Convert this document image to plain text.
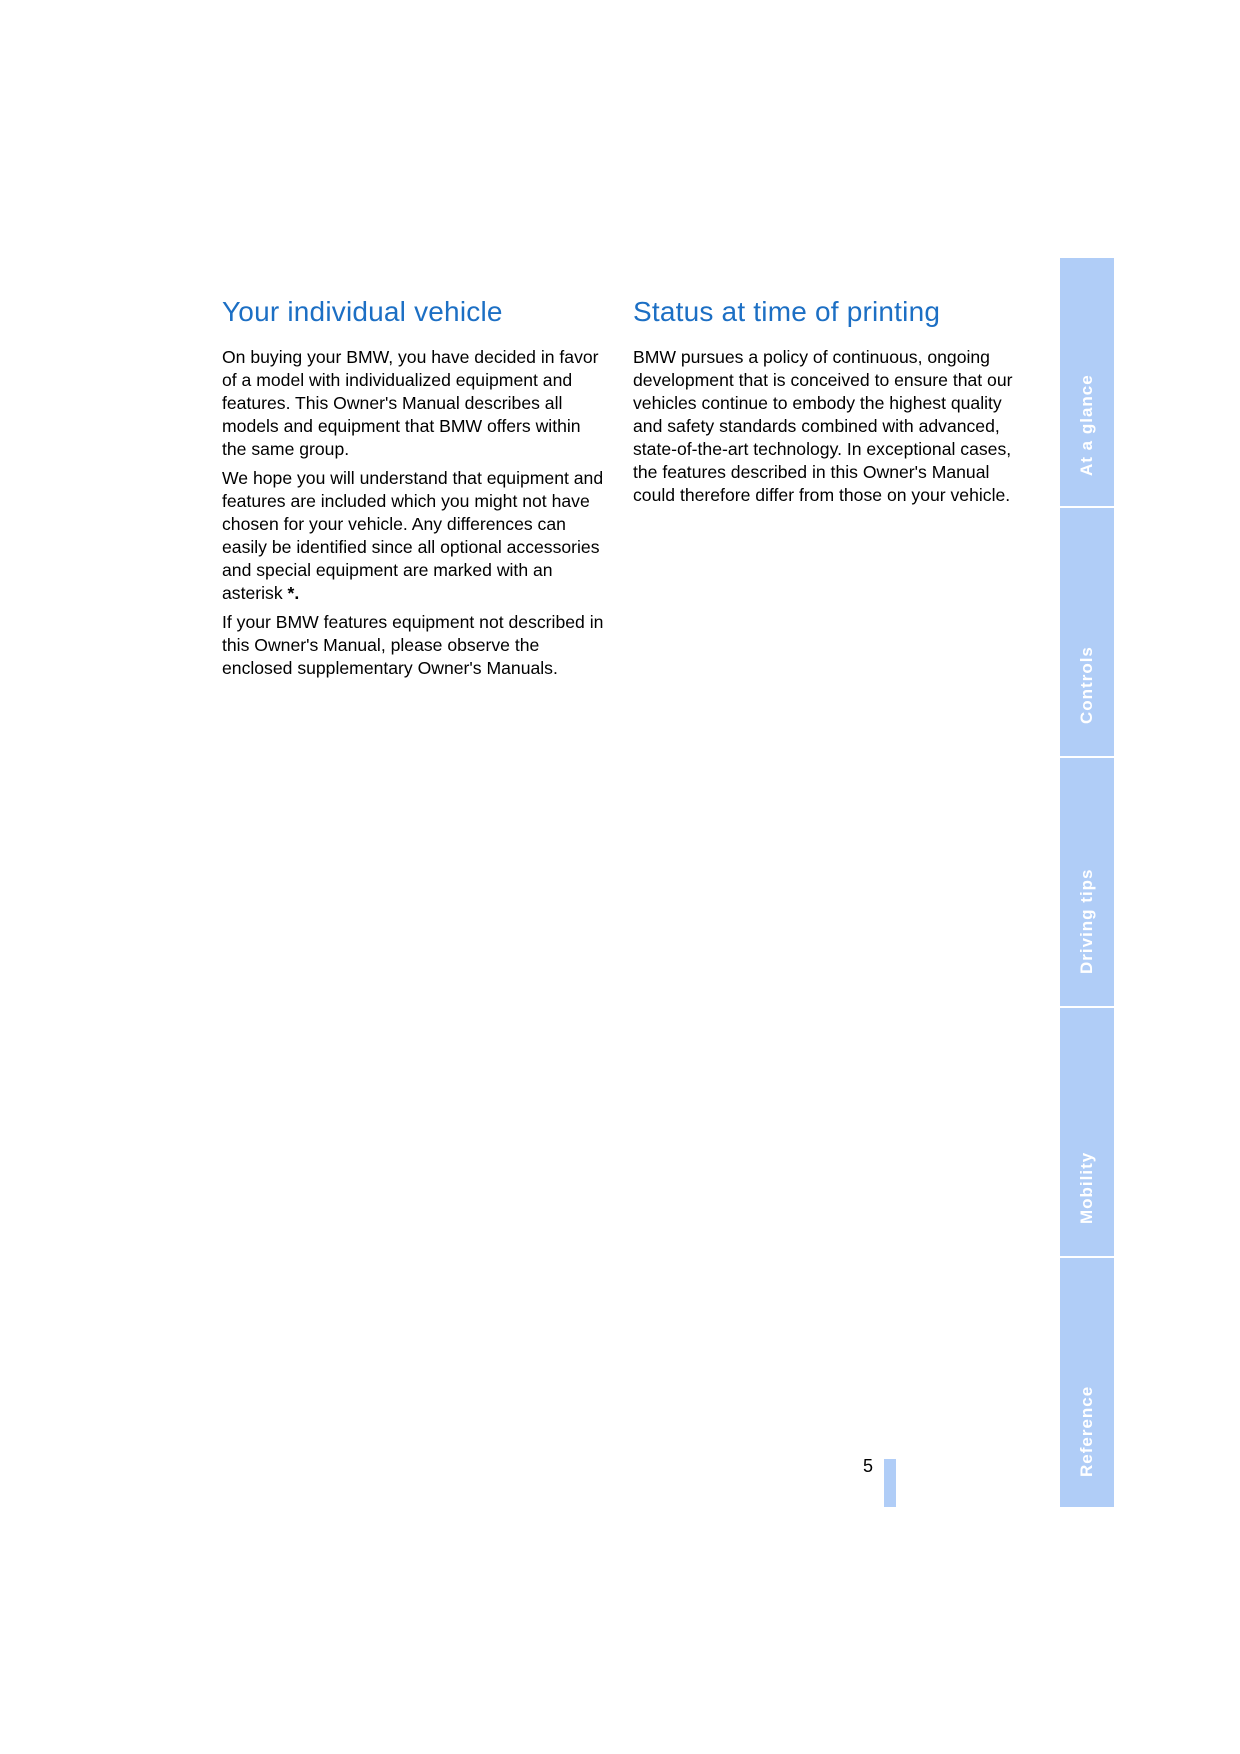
Your individual vehicle

On buying your BMW, you have decided in favor of a model with individualized equipment and features. This Owner's Manual describes all models and equipment that BMW offers within the same group.

We hope you will understand that equipment and features are included which you might not have chosen for your vehicle. Any differences can easily be identified since all optional accessories and special equipment are marked with an asterisk *.

If your BMW features equipment not described in this Owner's Manual, please observe the enclosed supplementary Owner's Manuals.

Status at time of printing

BMW pursues a policy of continuous, ongoing development that is conceived to ensure that our vehicles continue to embody the highest quality and safety standards combined with advanced, state-of-the-art technology. In exceptional cases, the features described in this Owner's Manual could therefore differ from those on your vehicle.

At a glance
Controls
Driving tips
Mobility
Reference
5
